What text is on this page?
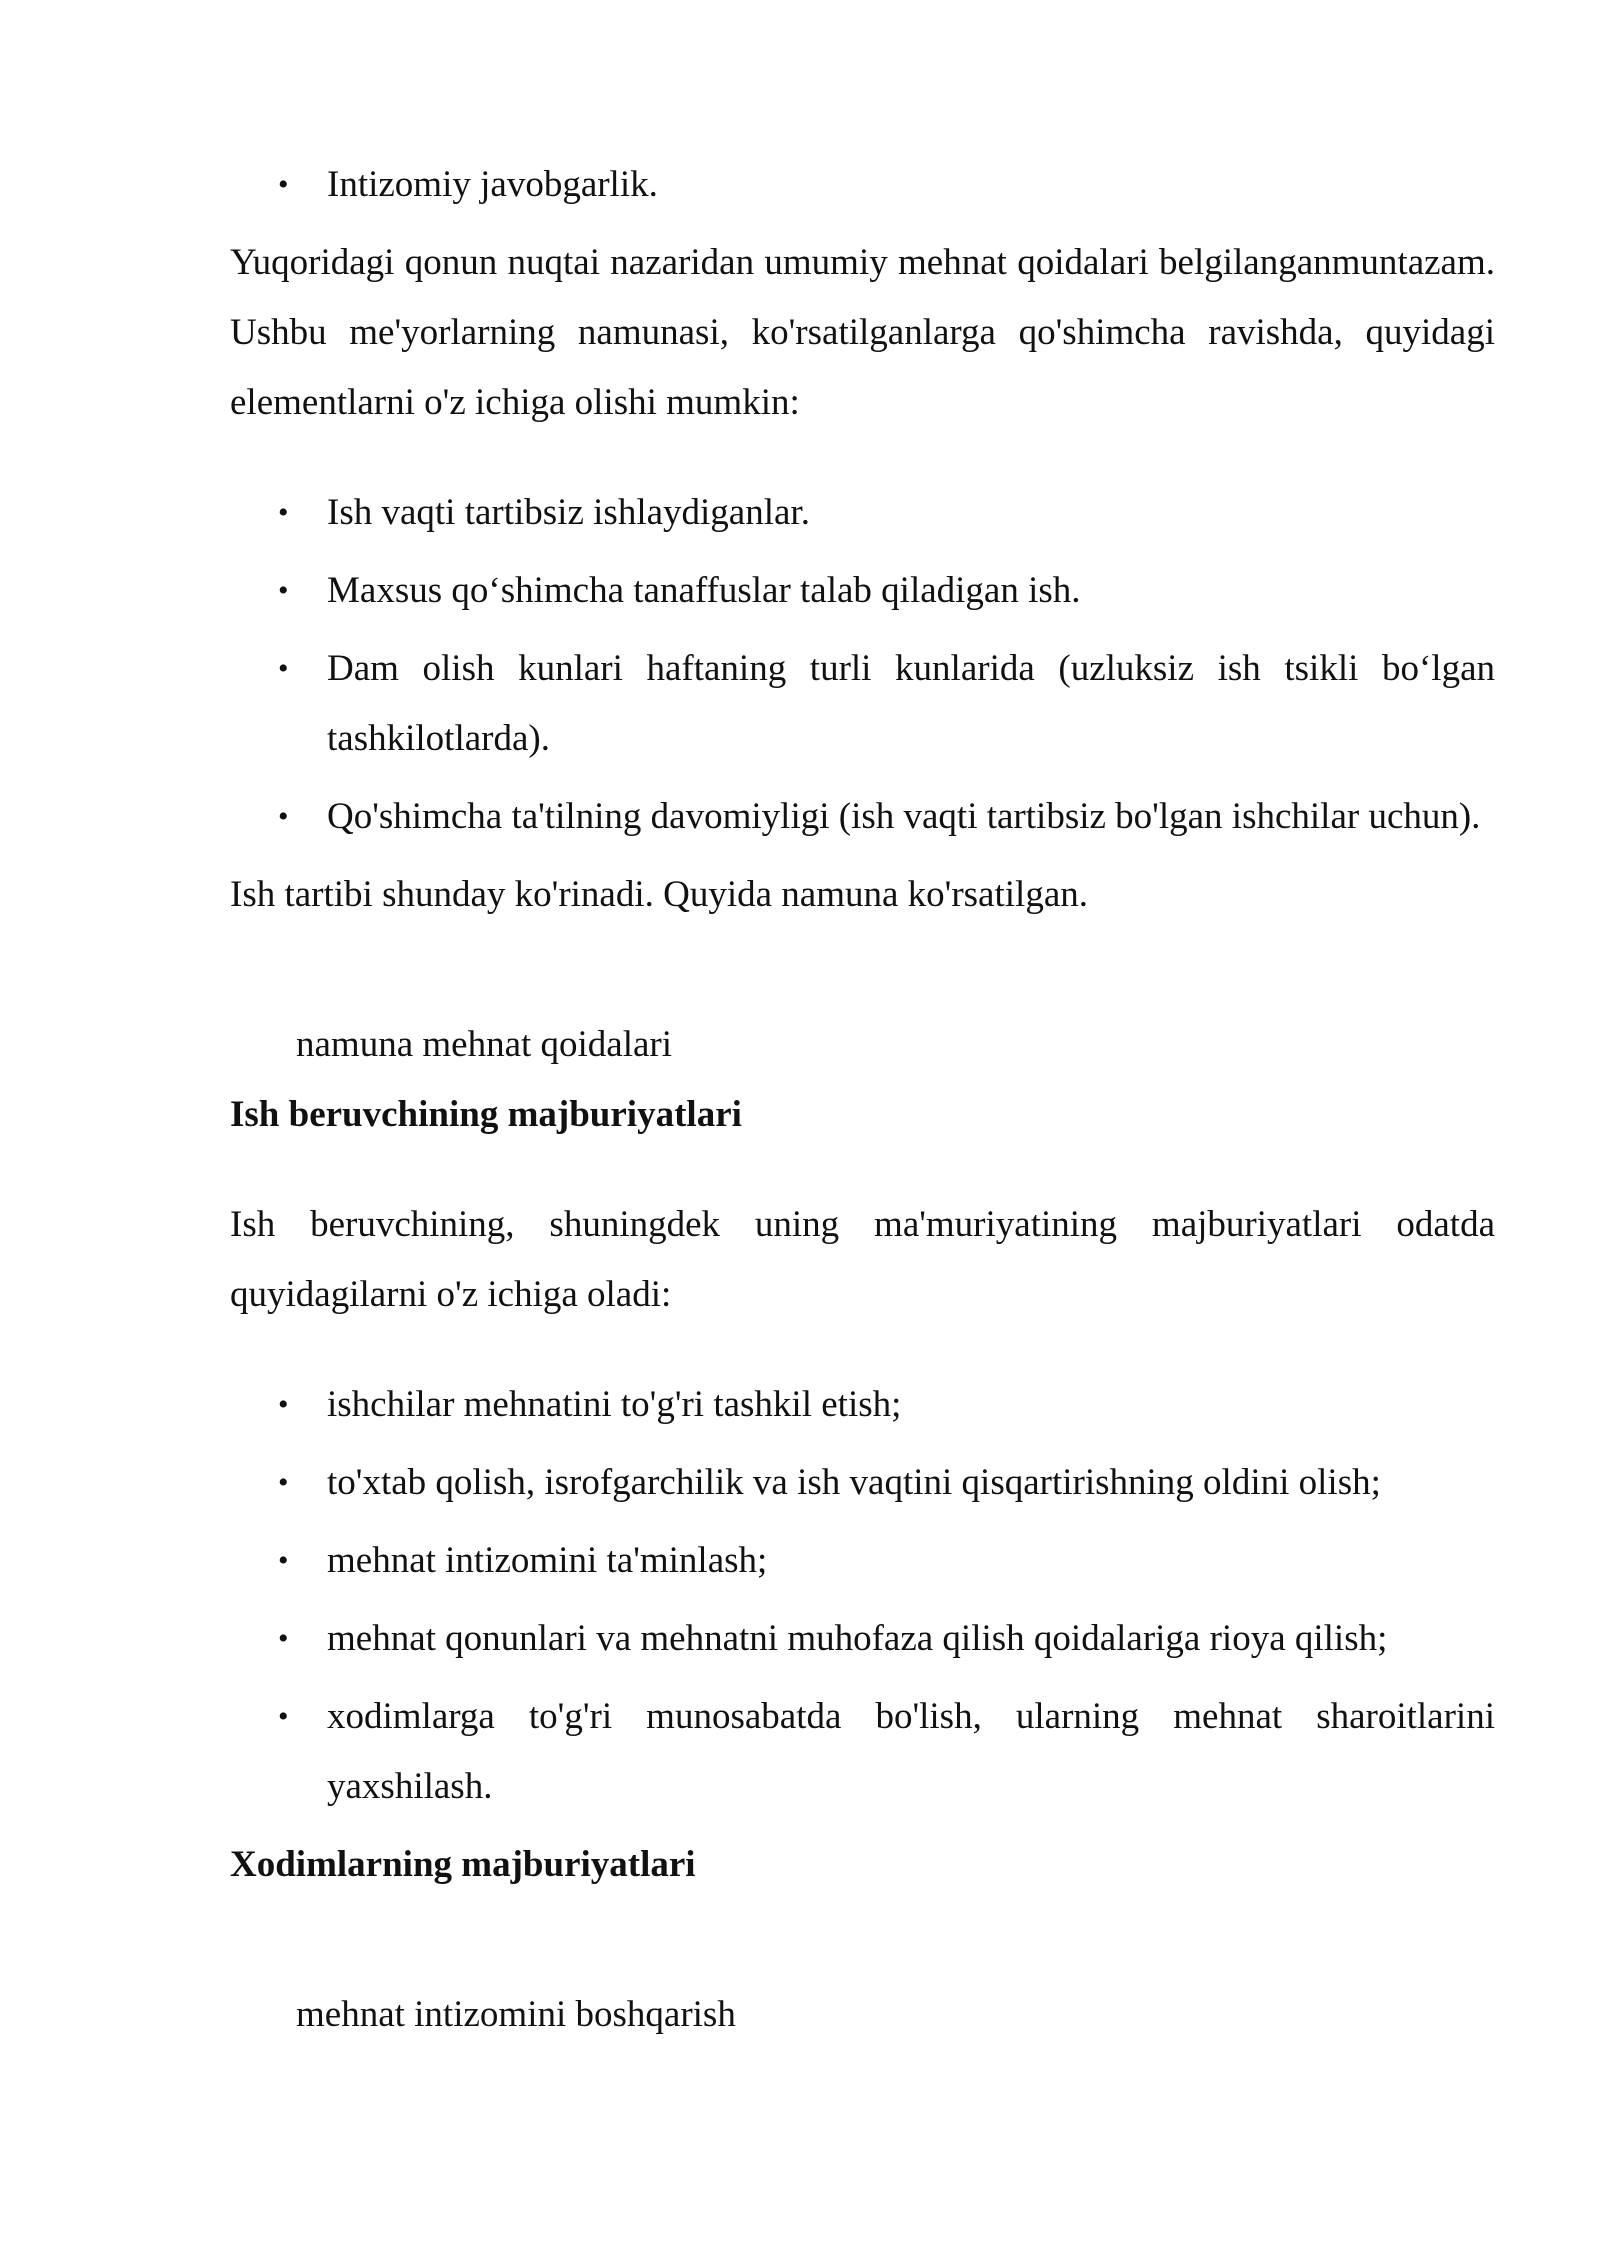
• Intizomiy javobgarlik.

Yuqoridagi qonun nuqtai nazaridan umumiy mehnat qoidalari belgilanganmuntazam. Ushbu me'yorlarning namunasi, ko'rsatilganlarga qo'shimcha ravishda, quyidagi elementlarni o'z ichiga olishi mumkin:

• Ish vaqti tartibsiz ishlaydiganlar.
• Maxsus qo‘shimcha tanaffuslar talab qiladigan ish.
• Dam olish kunlari haftaning turli kunlarida (uzluksiz ish tsikli bo‘lgan tashkilotlarda).
• Qo'shimcha ta'tilning davomiyligi (ish vaqti tartibsiz bo'lgan ishchilar uchun).

Ish tartibi shunday ko'rinadi. Quyida namuna ko'rsatilgan.

namuna mehnat qoidalari

Ish beruvchining majburiyatlari

Ish beruvchining, shuningdek uning ma'muriyatining majburiyatlari odatda quyidagilarni o'z ichiga oladi:

• ishchilar mehnatini to'g'ri tashkil etish;
• to'xtab qolish, isrofgarchilik va ish vaqtini qisqartirishning oldini olish;
• mehnat intizomini ta'minlash;
• mehnat qonunlari va mehnatni muhofaza qilish qoidalariga rioya qilish;
• xodimlarga to'g'ri munosabatda bo'lish, ularning mehnat sharoitlarini yaxshilash.
Xodimlarning majburiyatlari

mehnat intizomini boshqarish
